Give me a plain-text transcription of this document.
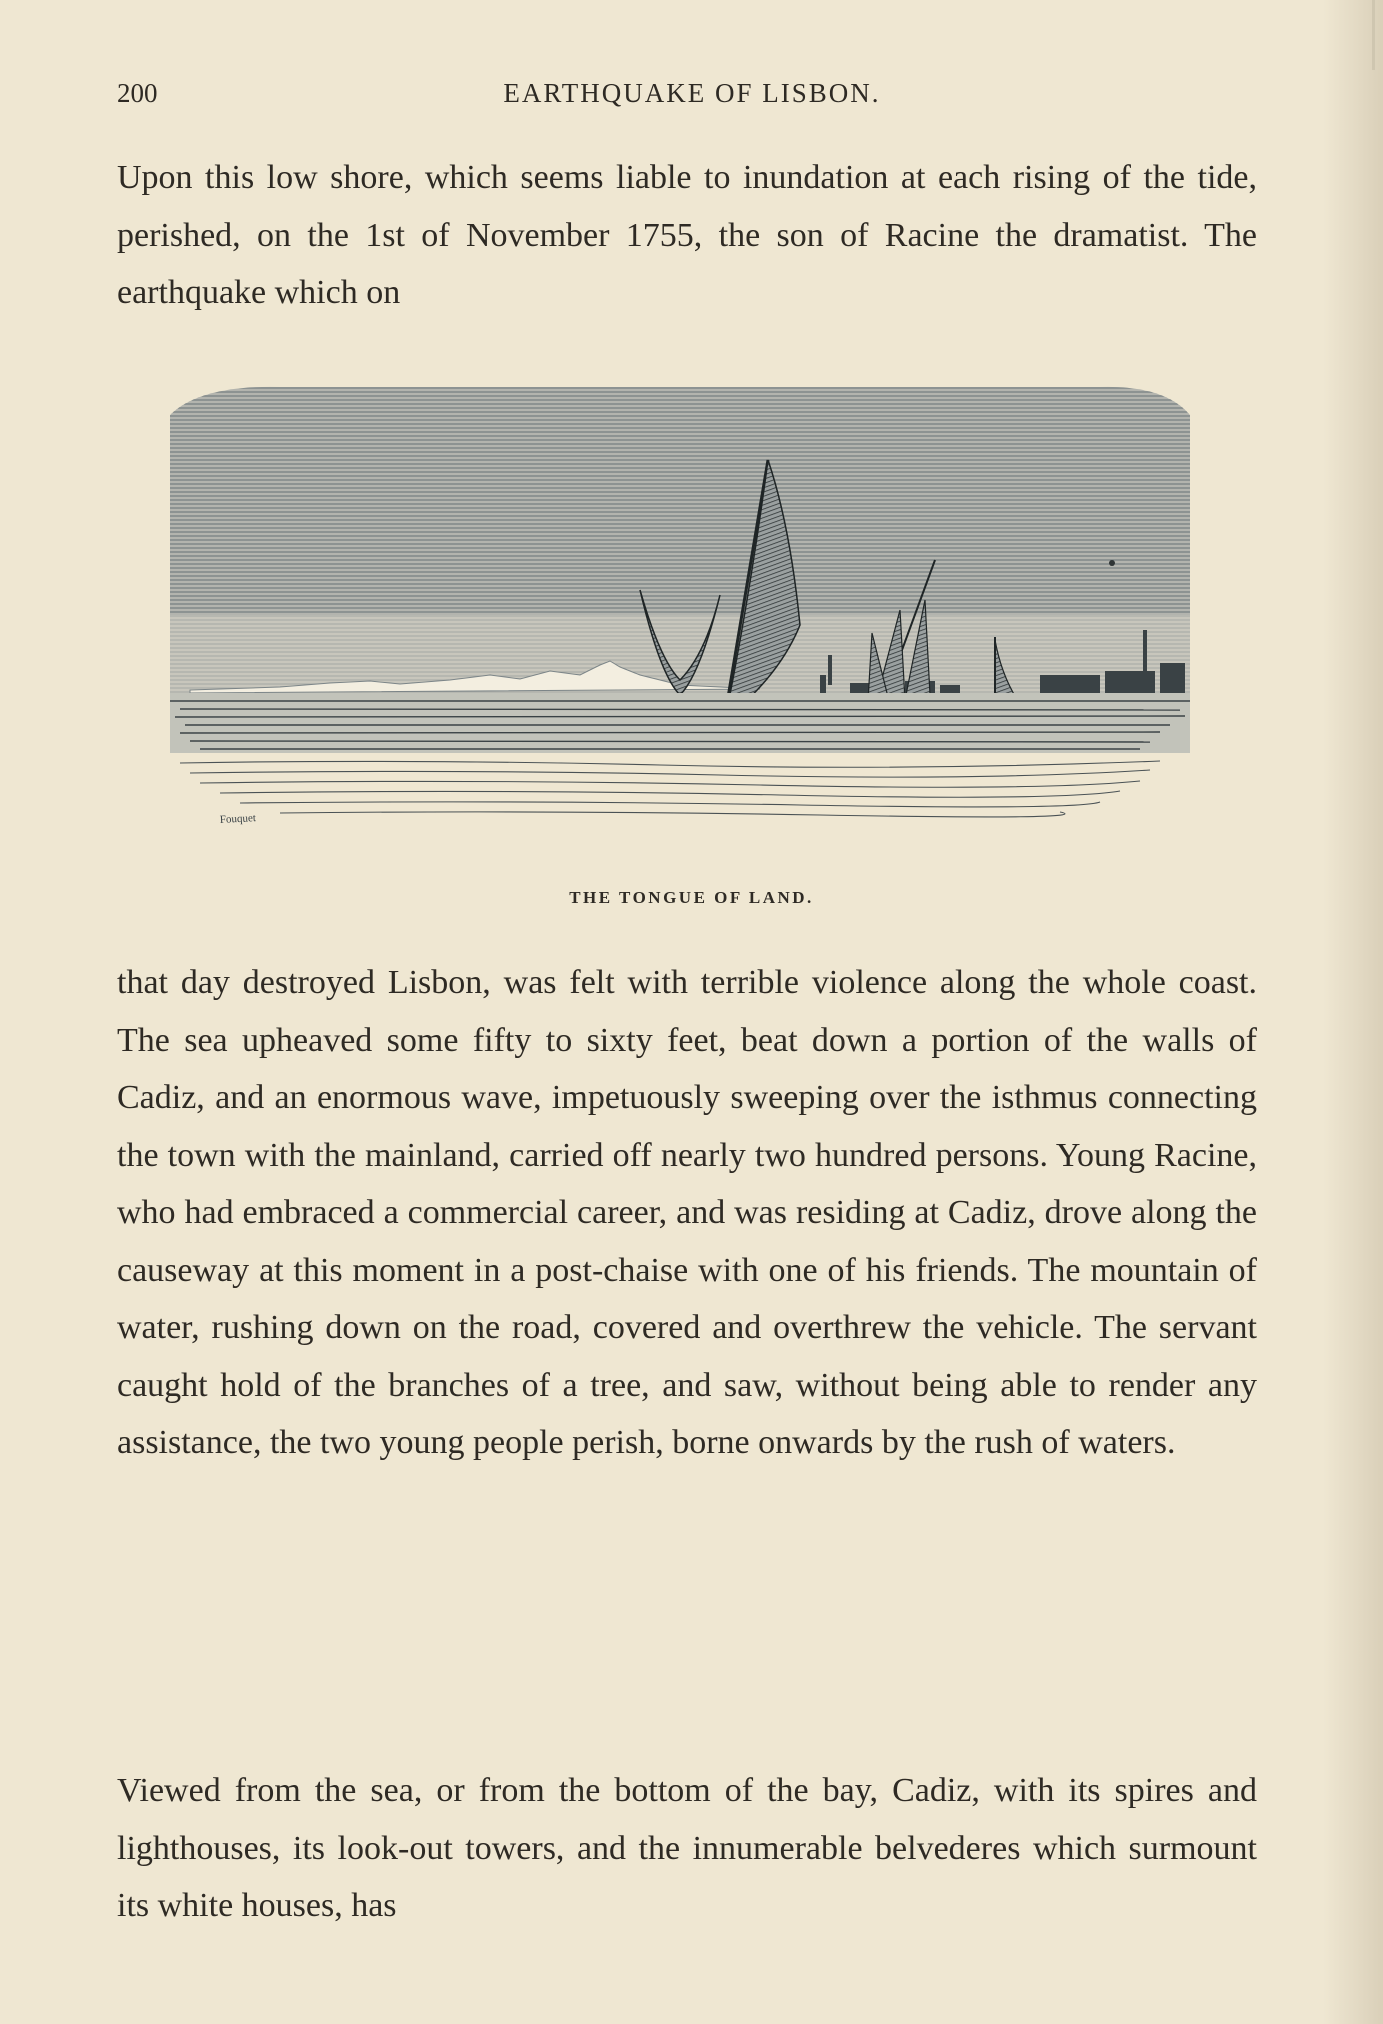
200	EARTHQUAKE OF LISBON.

Upon this low shore, which seems liable to inundation at each rising of the tide, perished, on the 1st of November 1755, the son of Racine the dramatist. The earthquake which on

Fouquet
THE TONGUE OF LAND.

that day destroyed Lisbon, was felt with terrible violence along the whole coast. The sea upheaved some fifty to sixty feet, beat down a portion of the walls of Cadiz, and an enormous wave, impetuously sweeping over the isthmus connecting the town with the mainland, carried off nearly two hundred persons. Young Racine, who had embraced a commercial career, and was residing at Cadiz, drove along the causeway at this moment in a post-chaise with one of his friends. The mountain of water, rushing down on the road, covered and overthrew the vehicle. The servant caught hold of the branches of a tree, and saw, without being able to render any assistance, the two young people perish, borne onwards by the rush of waters.

Viewed from the sea, or from the bottom of the bay, Cadiz, with its spires and lighthouses, its look-out towers, and the innumerable belvederes which surmount its white houses, has
